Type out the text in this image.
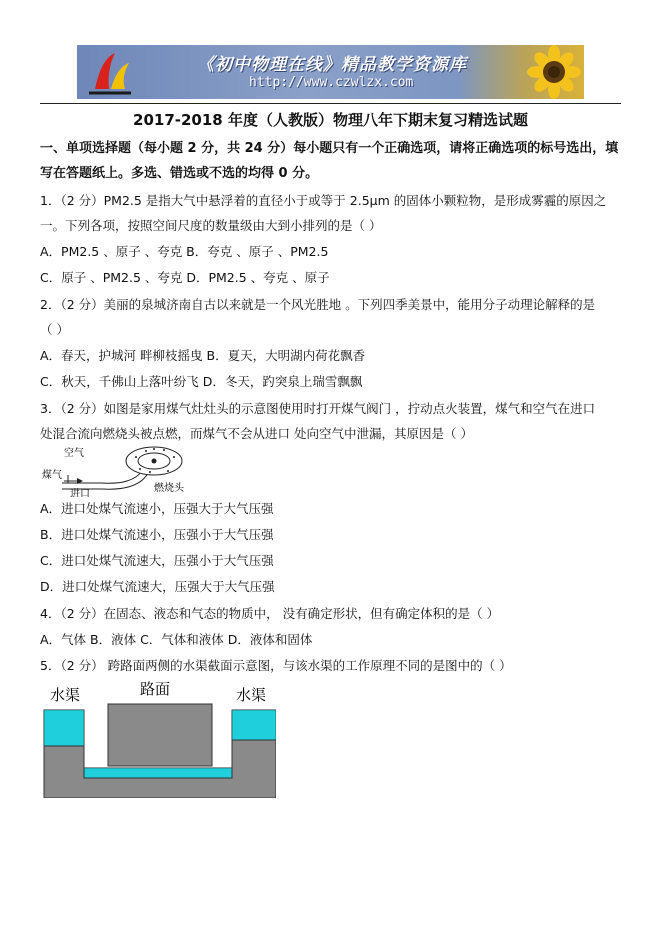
《初中物理在线》精品教学资源库
http://www.czwlzx.com
2017-2018 年度（人教版）物理八年下期末复习精选试题
一、单项选择题（每小题 2 分，共 24 分）每小题只有一个正确选项，请将正确选项的标号选出，填
写在答题纸上。多选、错选或不选的均得 0 分。
1．（2 分）PM2.5 是指大气中悬浮着的直径小于或等于 2.5μm 的固体小颗粒物，是形成雾霾的原因之
一。下列各项，按照空间尺度的数量级由大到小排列的是（ ）
A．PM2.5 、原子 、夸克 B．夸克 、原子 、PM2.5
C．原子 、PM2.5 、夸克 D．PM2.5 、夸克 、原子
2．（2 分）美丽的泉城济南自古以来就是一个风光胜地 。下列四季美景中，能用分子动理论解释的是
（ ）
A．春天，护城河 畔柳枝摇曳 B．夏天，大明湖内荷花飘香
C．秋天，千佛山上落叶纷飞 D．冬天，趵突泉上瑞雪飘飘
3．（2 分）如图是家用煤气灶灶头的示意图使用时打开煤气阀门 ，拧动点火装置，煤气和空气在进口
处混合流向燃烧头被点燃，而煤气不会从进口 处向空气中泄漏，其原因是（ ）
空气
煤气
进口
燃烧头
A．进口处煤气流速小，压强大于大气压强
B．进口处煤气流速小，压强小于大气压强
C．进口处煤气流速大，压强小于大气压强
D．进口处煤气流速大，压强大于大气压强
4．（2 分）在固态、液态和气态的物质中， 没有确定形状，但有确定体积的是（ ）
A．气体 B．液体 C．气体和液体 D．液体和固体
5．（2 分） 跨路面两侧的水渠截面示意图，与该水渠的工作原理不同的是图中的（ ）
水渠	路面	水渠
